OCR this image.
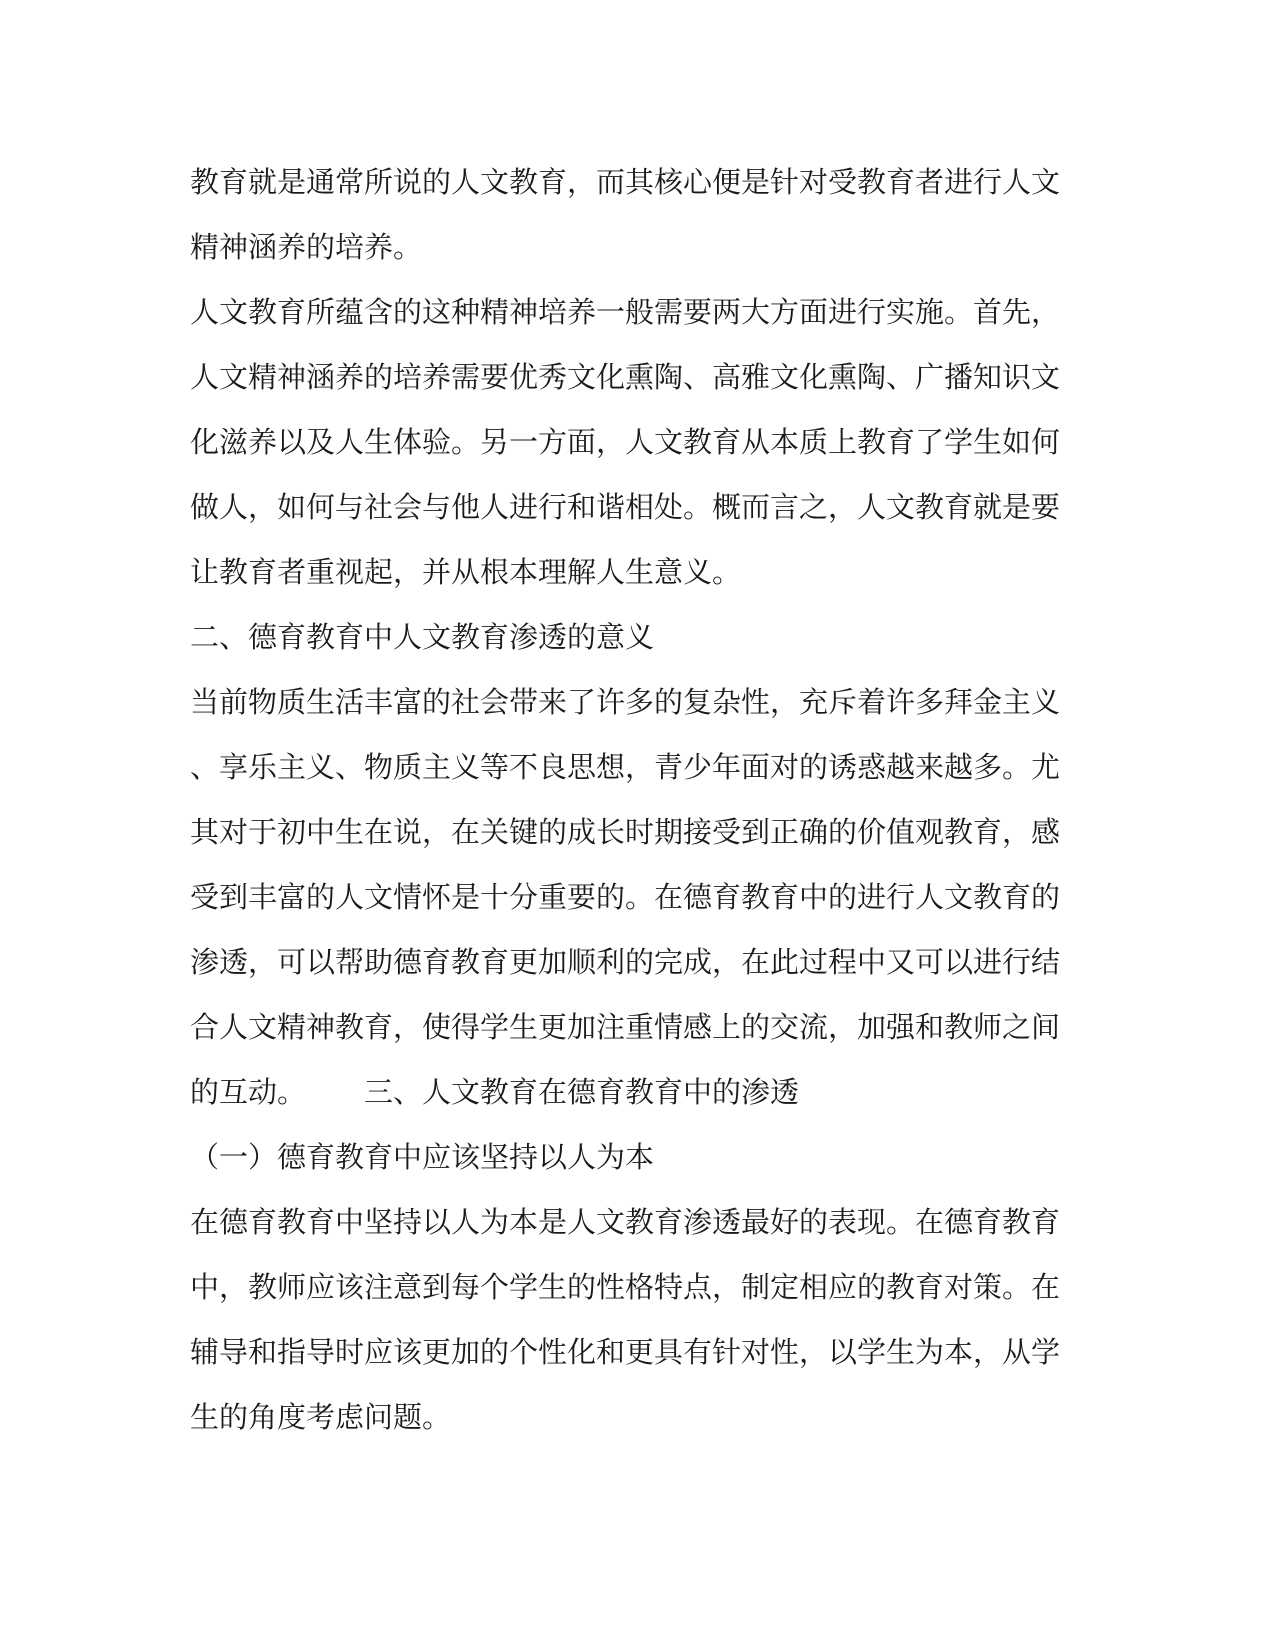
教育就是通常所说的人文教育，而其核心便是针对受教育者进行人文
精神涵养的培养。
人文教育所蕴含的这种精神培养一般需要两大方面进行实施。首先，
人文精神涵养的培养需要优秀文化熏陶、高雅文化熏陶、广播知识文
化滋养以及人生体验。另一方面，人文教育从本质上教育了学生如何
做人，如何与社会与他人进行和谐相处。概而言之，人文教育就是要
让教育者重视起，并从根本理解人生意义。
二、德育教育中人文教育渗透的意义
当前物质生活丰富的社会带来了许多的复杂性，充斥着许多拜金主义
、享乐主义、物质主义等不良思想，青少年面对的诱惑越来越多。尤
其对于初中生在说，在关键的成长时期接受到正确的价值观教育，感
受到丰富的人文情怀是十分重要的。在德育教育中的进行人文教育的
渗透，可以帮助德育教育更加顺利的完成，在此过程中又可以进行结
合人文精神教育，使得学生更加注重情感上的交流，加强和教师之间
的互动。 三、人文教育在德育教育中的渗透
（一）德育教育中应该坚持以人为本
在德育教育中坚持以人为本是人文教育渗透最好的表现。在德育教育
中，教师应该注意到每个学生的性格特点，制定相应的教育对策。在
辅导和指导时应该更加的个性化和更具有针对性，以学生为本，从学
生的角度考虑问题。
